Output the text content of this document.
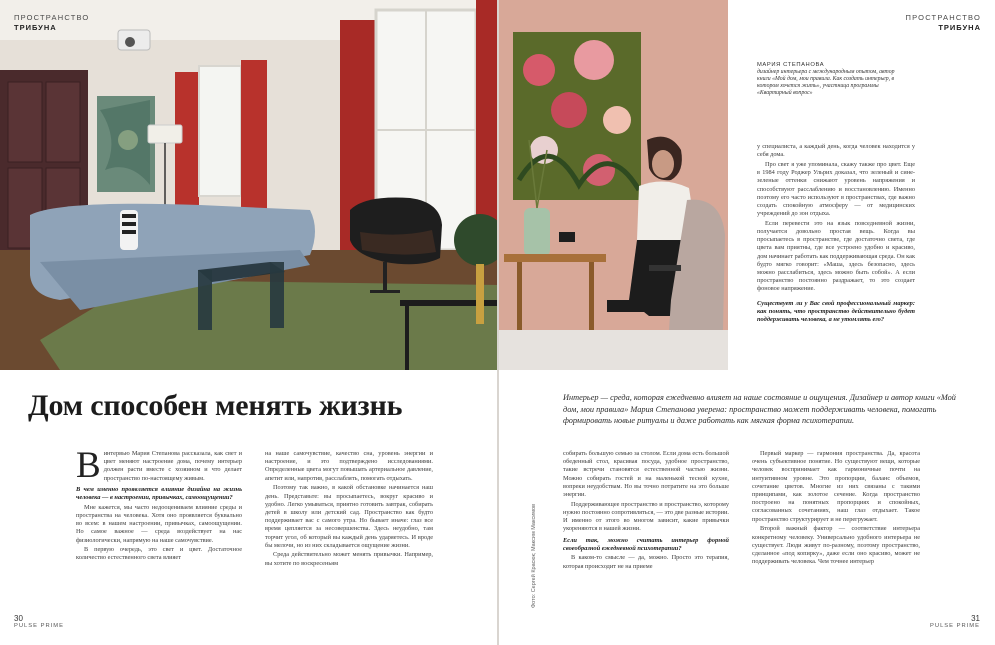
ПРОСТРАНСТВО
ТРИБУНА
ПРОСТРАНСТВО
ТРИБУНА
МАРИЯ СТЕПАНОВА
дизайнер интерьера с международным опытом, автор книги «Мой дом, мои правила. Как создать интерьер, в котором хочется жить», участница программы «Квартирный вопрос»

у специалиста, а каждый день, когда человек находится у себя дома.

Про свет я уже упоминала, скажу также про цвет. Еще в 1984 году Роджер Ульрих доказал, что зеленый и сине-зеленые оттенки снижают уровень напряжения и способствуют расслаблению и восстановлению. Именно поэтому его часто используют в пространствах, где важно создать спокойную атмосферу — от медицинских учреждений до зон отдыха.

Если перевести это на язык повседневной жизни, получается довольно простая вещь. Когда вы просыпаетесь в пространстве, где достаточно света, где цвета вам приятны, где все устроено удобно и красиво, дом начинает работать как поддерживающая среда. Он как будто мягко говорит: «Маша, здесь безопасно, здесь можно расслабиться, здесь можно быть собой». А если пространство постоянно раздражает, то это создает фоновое напряжение.

Существует ли у Вас свой профессиональный маркер: как понять, что пространство действительно будет поддерживать человека, а не утомлять его?

Дом способен менять жизнь	Интерьер — среда, которая ежедневно влияет на наше состояние и ощущения. Дизайнер и автор книги «Мой дом, мои правила» Мария Степанова уверена: пространство может поддерживать человека, помогать формировать новые ритуалы и даже работать как мягкая форма психотерапии.

Винтервью Мария Степанова рассказала, как свет и цвет меняют настроение дома, почему интерьер должен расти вместе с хозяином и что делает пространство по-настоящему живым.

В чем именно проявляется влияние дизайна на жизнь человека — в настроении, привычках, самоощущении?

Мне кажется, мы часто недооцениваем влияние среды и пространства на человека. Хотя оно проявляется буквально во всем: в нашем настроении, привычках, самоощущении. Но самое важное — среда воздействует на нас физиологически, напрямую на наше самочувствие.

В первую очередь, это свет и цвет. Достаточное количество естественного света влияет

на наше самочувствие, качество сна, уровень энергии и настроение, и это подтверждено исследованиями. Определенные цвета могут повышать артериальное давление, апетит или, напротив, расслаблять, помогать отдыхать.

Поэтому так важно, в какой обстановке начинается наш день. Представьте: вы просыпаетесь, вокруг красиво и удобно. Легко умываться, приятно готовить завтрак, собирать детей в школу или детский сад. Пространство как будто поддерживает вас с самого утра. Но бывает иначе: глаз все время цепляется за несовершенства. Здесь неудобно, там торчит угол, об который вы каждый день ударяетесь. И вроде бы мелочи, но из них складывается ощущение жизни.

Среда действительно может менять привычки. Например, вы хотите по воскресеньям	Фото: Сергей Красюк; Максим Максимов

собирать большую семью за столом. Если дома есть большой обеденный стол, красивая посуда, удобное пространство, такие встречи становятся естественной частью жизни. Можно собирать гостей и на маленькой тесной кухне, вопреки неудобствам. Но вы точно потратите на это больше энергии.

Поддерживающее пространство и пространство, которому нужно постоянно сопротивляться, — это две разные истории. И именно от этого во многом зависит, какие привычки укореняются в нашей жизни.

Если так, можно считать интерьер формой своеобразной ежедневной психотерапии?

В каком-то смысле — да, можно. Просто это терапия, которая происходит не на приеме

Первый маркер — гармония пространства. Да, красота очень субъективное понятие. Но существуют вещи, которые человек воспринимает как гармоничные почти на интуитивном уровне. Это пропорции, баланс объемов, сочетание цветов. Многие из них связаны с такими принципами, как золотое сечение. Когда пространство построено на понятных пропорциях и спокойных, согласованных сочетаниях, наш глаз отдыхает. Такое пространство структурирует и не перегружает.

Второй важный фактор — соответствие интерьера конкретному человеку. Универсально удобного интерьера не существует. Люди живут по-разному, поэтому пространство, сделанное «под копирку», даже если оно красиво, может не поддерживать человека. Чем точнее интерьер

30
PULSE PRIME
31
PULSE PRIME
